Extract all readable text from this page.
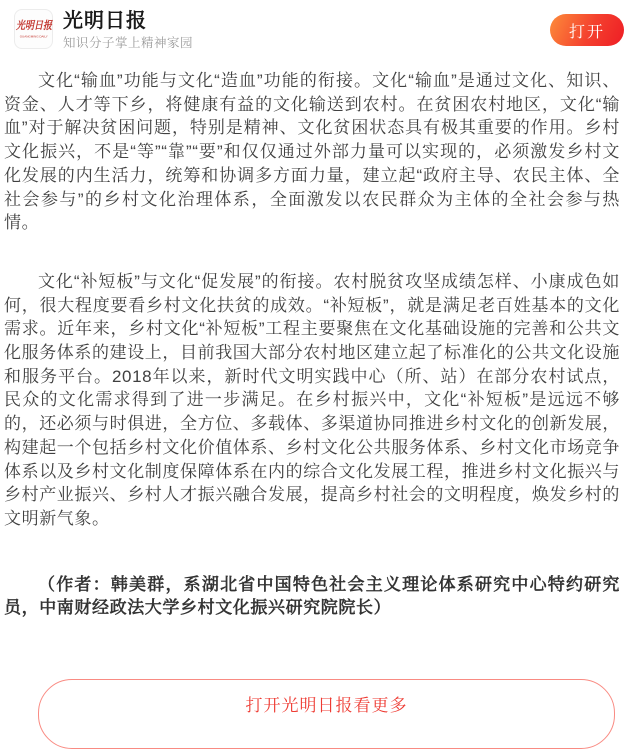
光明日报
GUANGMING DAILY
光明日报
知识分子掌上精神家园
打开

文化“输血”功能与文化“造血”功能的衔接。文化“输血”是通过文化、知识、资金、人才等下乡，将健康有益的文化输送到农村。在贫困农村地区，文化“输血”对于解决贫困问题，特别是精神、文化贫困状态具有极其重要的作用。乡村文化振兴，不是“等”“靠”“要”和仅仅通过外部力量可以实现的，必须激发乡村文化发展的内生活力，统筹和协调多方面力量，建立起“政府主导、农民主体、全社会参与”的乡村文化治理体系，全面激发以农民群众为主体的全社会参与热情。

文化“补短板”与文化“促发展”的衔接。农村脱贫攻坚成绩怎样、小康成色如何，很大程度要看乡村文化扶贫的成效。“补短板”，就是满足老百姓基本的文化需求。近年来，乡村文化“补短板”工程主要聚焦在文化基础设施的完善和公共文化服务体系的建设上，目前我国大部分农村地区建立起了标准化的公共文化设施和服务平台。2018年以来，新时代文明实践中心（所、站）在部分农村试点，民众的文化需求得到了进一步满足。在乡村振兴中，文化“补短板”是远远不够的，还必须与时俱进，全方位、多载体、多渠道协同推进乡村文化的创新发展，构建起一个包括乡村文化价值体系、乡村文化公共服务体系、乡村文化市场竞争体系以及乡村文化制度保障体系在内的综合文化发展工程，推进乡村文化振兴与乡村产业振兴、乡村人才振兴融合发展，提高乡村社会的文明程度，焕发乡村的文明新气象。

（作者：韩美群，系湖北省中国特色社会主义理论体系研究中心特约研究员，中南财经政法大学乡村文化振兴研究院院长）

打开光明日报看更多
